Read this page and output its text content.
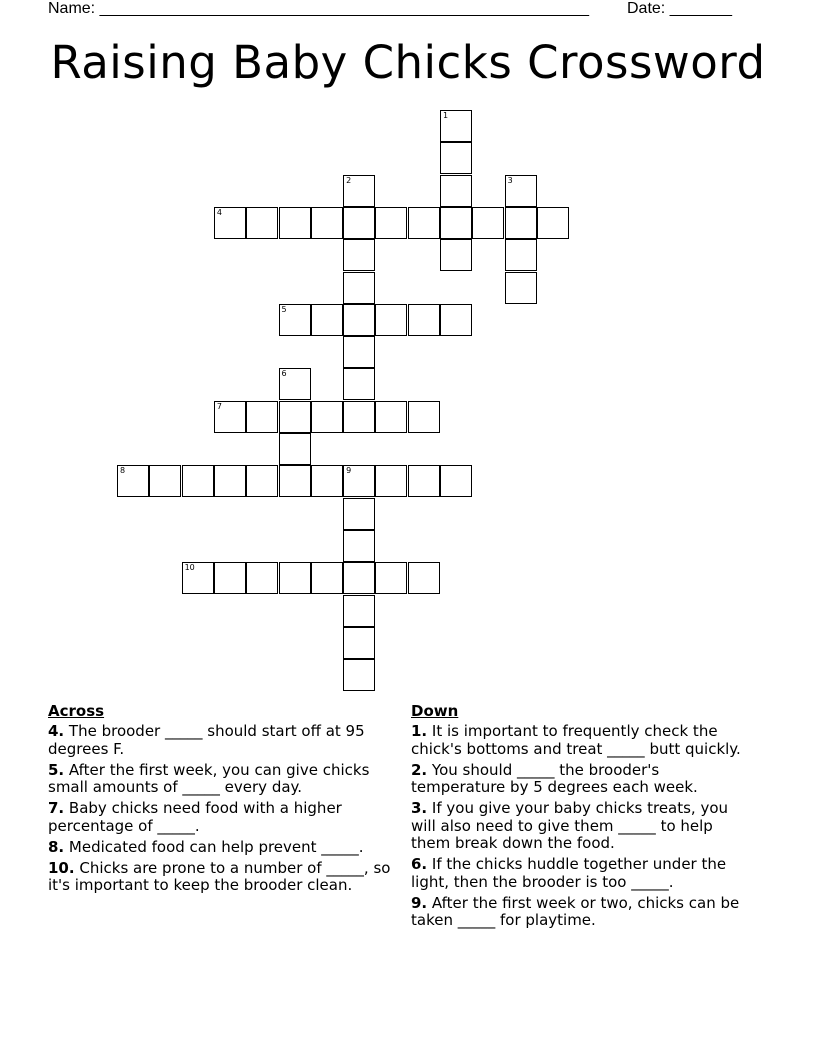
Name: _______________________________________________________ Date: _______
Raising Baby Chicks Crossword
1
2	3
4
5
6
7
8	9
10
Across
4. The brooder _____ should start off at 95 degrees F.
5. After the first week, you can give chicks small amounts of _____ every day.
7. Baby chicks need food with a higher percentage of _____.
8. Medicated food can help prevent _____.
10. Chicks are prone to a number of _____, so it's important to keep the brooder clean.
Down
1. It is important to frequently check the chick's bottoms and treat _____ butt quickly.
2. You should _____ the brooder's temperature by 5 degrees each week.
3. If you give your baby chicks treats, you will also need to give them _____ to help them break down the food.
6. If the chicks huddle together under the light, then the brooder is too _____.
9. After the first week or two, chicks can be taken _____ for playtime.
